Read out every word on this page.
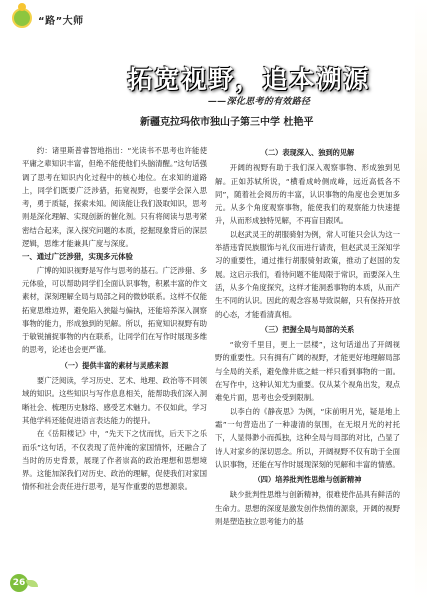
“路”大师
拓宽视野，追本溯源
——深化思考的有效路径
新疆克拉玛依市独山子第三中学 杜艳平

约：诸里斯普睿智地指出：“光读书不思考也许能使平庸之辈知识丰富，但绝不能使他们头脑清醒。”这句话强调了思考在知识内化过程中的核心地位。在求知的道路上，同学们既要广泛涉猎，拓宽视野，也要学会深入思考，勇于质疑，探索未知。阅读能让我们汲取知识，思考则是深化理解、实现创新的催化剂。只有将阅读与思考紧密结合起来，深入探究问题的本质，挖掘现象背后的深层逻辑，思维才能兼具广度与深度。

一、通过广泛涉猎，实现多元体验

广博的知识视野是写作与思考的基石。广泛涉猎、多元体验，可以帮助同学们全面认识事物，积累丰富的作文素材，深刻理解全局与局部之间的微妙联系。这样不仅能拓宽思维边界，避免陷入狭隘与偏执，还能培养深入洞察事物的能力，形成独到的见解。所以，拓宽知识视野有助于敏锐捕捉事物的内在联系，让同学们在写作时展现多维的思考，论述也会更严谨。

（一）提供丰富的素材与灵感来源

要广泛阅读，学习历史、艺术、地理、政治等不同领域的知识。这些知识与写作息息相关，能帮助我们深入洞晰社会、梳理历史脉络、感受艺术魅力。不仅如此，学习其他学科还能促进语言表达能力的提升。

在《岳阳楼记》中，“先天下之忧而忧，后天下之乐而乐”这句话，不仅表现了范仲淹的家国情怀，还融合了当时的历史背景，展现了作者崇高的政治理想和思想境界。这能加深我们对历史、政治的理解，促使我们对家国情怀和社会责任进行思考，是写作重要的思想源泉。

（二）表现深入、独到的见解

开阔的视野有助于我们深入观察事物、形成独到见解。正如苏轼所说，“横看成岭侧成峰，远近高低各不同”，随着社会阅历的丰富，认识事物的角度也会更加多元。从多个角度观察事物，能使我们的观察能力快速提升，从而形成独特见解，不再盲目跟风。

以赵武灵王的胡服骑射为例，常人可能只会认为这一举措违背民族服饰与礼仪而进行请责，但赵武灵王深知学习的重要性，通过推行胡服骑射政策，推动了赵国的发展。这启示我们，看待问题不能局限于常识，而要深入生活，从多个角度探究，这样才能洞悉事物的本质，从而产生不同的认识。因此的观念容易导致误解，只有保持开放的心态，才能看清真相。

（三）把握全局与局部的关系

“欲穷千里目，更上一层楼”，这句话道出了开阔视野的重要性。只有拥有广阔的视野，才能更好地理解局部与全局的关系，避免像井底之蛙一样只看到事物的一面。在写作中，这种认知尤为重要。仅从某个视角出发，观点难免片面，思考也会受到限制。

以李白的《静夜思》为例，“床前明月光，疑是地上霜”一句营造出了一种凄清的氛围，在无垠月光的衬托下，人显得渺小而孤独，这种全局与局部的对比，凸显了诗人对家乡的深切思念。所以，开阔视野不仅有助于全面认识事物，还能在写作时展现深刻的见解和丰富的情感。

（四）培养批判性思维与创新精神

缺少批判性思维与创新精神，很难使作品具有鲜活的生命力。思想的深度是激发创作热情的源泉，开阔的视野则是塑造独立思考能力的基

26
